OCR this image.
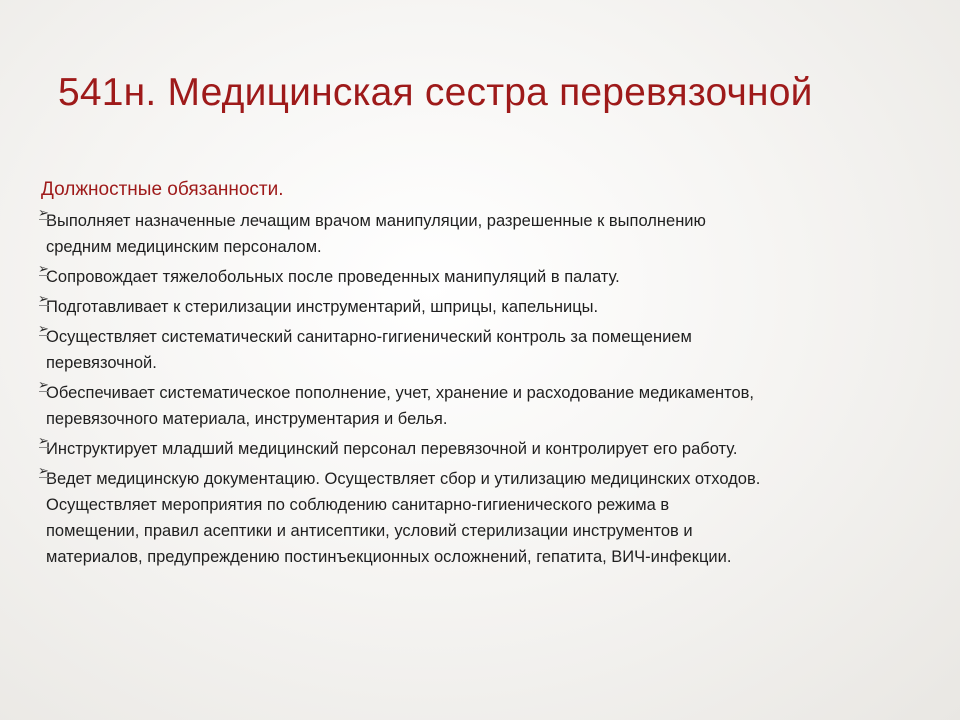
541н. Медицинская сестра перевязочной
Должностные обязанности.
➢
Выполняет назначенные лечащим врачом манипуляции, разрешенные к выполнению
средним медицинским персоналом.
➢
Сопровождает тяжелобольных после проведенных манипуляций в палату.
➢
Подготавливает к стерилизации инструментарий, шприцы, капельницы.
➢
Осуществляет систематический санитарно-гигиенический контроль за помещением
перевязочной.
➢
Обеспечивает систематическое пополнение, учет, хранение и расходование медикаментов,
перевязочного материала, инструментария и белья.
➢
Инструктирует младший медицинский персонал перевязочной и контролирует его работу.
➢
Ведет медицинскую документацию. Осуществляет сбор и утилизацию медицинских отходов.
Осуществляет мероприятия по соблюдению санитарно-гигиенического режима в
помещении, правил асептики и антисептики, условий стерилизации инструментов и
материалов, предупреждению постинъекционных осложнений, гепатита, ВИЧ-инфекции.
